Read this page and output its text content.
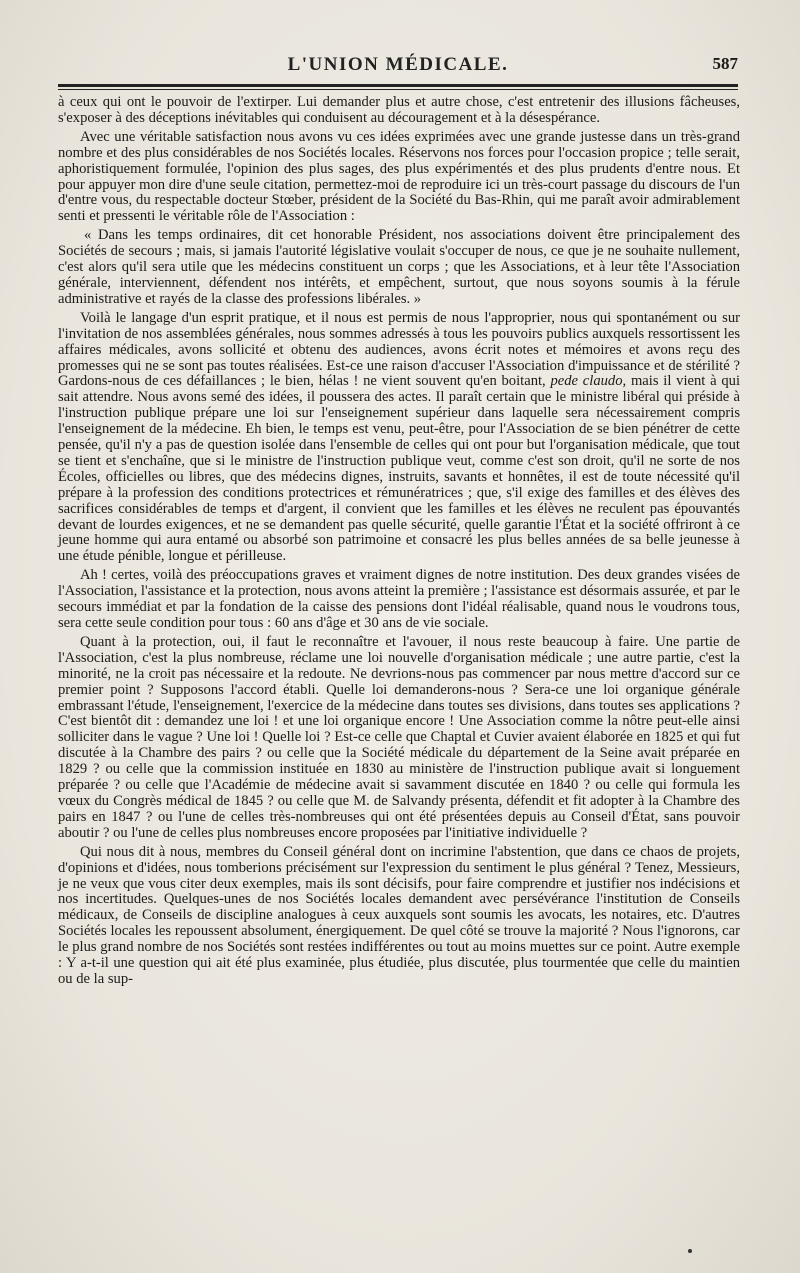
L'UNION MÉDICALE.	587

à ceux qui ont le pouvoir de l'extirper. Lui demander plus et autre chose, c'est entretenir des illusions fâcheuses, s'exposer à des déceptions inévitables qui conduisent au découragement et à la désespérance.

Avec une véritable satisfaction nous avons vu ces idées exprimées avec une grande justesse dans un très-grand nombre et des plus considérables de nos Sociétés locales. Réservons nos forces pour l'occasion propice ; telle serait, aphoristiquement formulée, l'opinion des plus sages, des plus expérimentés et des plus prudents d'entre nous. Et pour appuyer mon dire d'une seule citation, permettez-moi de reproduire ici un très-court passage du discours de l'un d'entre vous, du respectable docteur Stœber, président de la Société du Bas-Rhin, qui me paraît avoir admirablement senti et pressenti le véritable rôle de l'Association :

« Dans les temps ordinaires, dit cet honorable Président, nos associations doivent être principalement des Sociétés de secours ; mais, si jamais l'autorité législative voulait s'occuper de nous, ce que je ne souhaite nullement, c'est alors qu'il sera utile que les médecins constituent un corps ; que les Associations, et à leur tête l'Association générale, interviennent, défendent nos intérêts, et empêchent, surtout, que nous soyons soumis à la férule administrative et rayés de la classe des professions libérales. »

Voilà le langage d'un esprit pratique, et il nous est permis de nous l'approprier, nous qui spontanément ou sur l'invitation de nos assemblées générales, nous sommes adressés à tous les pouvoirs publics auxquels ressortissent les affaires médicales, avons sollicité et obtenu des audiences, avons écrit notes et mémoires et avons reçu des promesses qui ne se sont pas toutes réalisées. Est-ce une raison d'accuser l'Association d'impuissance et de stérilité ? Gardons-nous de ces défaillances ; le bien, hélas ! ne vient souvent qu'en boitant, pede claudo, mais il vient à qui sait attendre. Nous avons semé des idées, il poussera des actes. Il paraît certain que le ministre libéral qui préside à l'instruction publique prépare une loi sur l'enseignement supérieur dans laquelle sera nécessairement compris l'enseignement de la médecine. Eh bien, le temps est venu, peut-être, pour l'Association de se bien pénétrer de cette pensée, qu'il n'y a pas de question isolée dans l'ensemble de celles qui ont pour but l'organisation médicale, que tout se tient et s'enchaîne, que si le ministre de l'instruction publique veut, comme c'est son droit, qu'il ne sorte de nos Écoles, officielles ou libres, que des médecins dignes, instruits, savants et honnêtes, il est de toute nécessité qu'il prépare à la profession des conditions protectrices et rémunératrices ; que, s'il exige des familles et des élèves des sacrifices considérables de temps et d'argent, il convient que les familles et les élèves ne reculent pas épouvantés devant de lourdes exigences, et ne se demandent pas quelle sécurité, quelle garantie l'État et la société offriront à ce jeune homme qui aura entamé ou absorbé son patrimoine et consacré les plus belles années de sa belle jeunesse à une étude pénible, longue et périlleuse.

Ah ! certes, voilà des préoccupations graves et vraiment dignes de notre institution. Des deux grandes visées de l'Association, l'assistance et la protection, nous avons atteint la première ; l'assistance est désormais assurée, et par le secours immédiat et par la fondation de la caisse des pensions dont l'idéal réalisable, quand nous le voudrons tous, sera cette seule condition pour tous : 60 ans d'âge et 30 ans de vie sociale.

Quant à la protection, oui, il faut le reconnaître et l'avouer, il nous reste beaucoup à faire. Une partie de l'Association, c'est la plus nombreuse, réclame une loi nouvelle d'organisation médicale ; une autre partie, c'est la minorité, ne la croit pas nécessaire et la redoute. Ne devrions-nous pas commencer par nous mettre d'accord sur ce premier point ? Supposons l'accord établi. Quelle loi demanderons-nous ? Sera-ce une loi organique générale embrassant l'étude, l'enseignement, l'exercice de la médecine dans toutes ses divisions, dans toutes ses applications ? C'est bientôt dit : demandez une loi ! et une loi organique encore ! Une Association comme la nôtre peut-elle ainsi solliciter dans le vague ? Une loi ! Quelle loi ? Est-ce celle que Chaptal et Cuvier avaient élaborée en 1825 et qui fut discutée à la Chambre des pairs ? ou celle que la Société médicale du département de la Seine avait préparée en 1829 ? ou celle que la commission instituée en 1830 au ministère de l'instruction publique avait si longuement préparée ? ou celle que l'Académie de médecine avait si savamment discutée en 1840 ? ou celle qui formula les vœux du Congrès médical de 1845 ? ou celle que M. de Salvandy présenta, défendit et fit adopter à la Chambre des pairs en 1847 ? ou l'une de celles très-nombreuses qui ont été présentées depuis au Conseil d'État, sans pouvoir aboutir ? ou l'une de celles plus nombreuses encore proposées par l'initiative individuelle ?

Qui nous dit à nous, membres du Conseil général dont on incrimine l'abstention, que dans ce chaos de projets, d'opinions et d'idées, nous tomberions précisément sur l'expression du sentiment le plus général ? Tenez, Messieurs, je ne veux que vous citer deux exemples, mais ils sont décisifs, pour faire comprendre et justifier nos indécisions et nos incertitudes. Quelques-unes de nos Sociétés locales demandent avec persévérance l'institution de Conseils médicaux, de Conseils de discipline analogues à ceux auxquels sont soumis les avocats, les notaires, etc. D'autres Sociétés locales les repoussent absolument, énergiquement. De quel côté se trouve la majorité ? Nous l'ignorons, car le plus grand nombre de nos Sociétés sont restées indifférentes ou tout au moins muettes sur ce point. Autre exemple : Y a-t-il une question qui ait été plus examinée, plus étudiée, plus discutée, plus tourmentée que celle du maintien ou de la sup-
